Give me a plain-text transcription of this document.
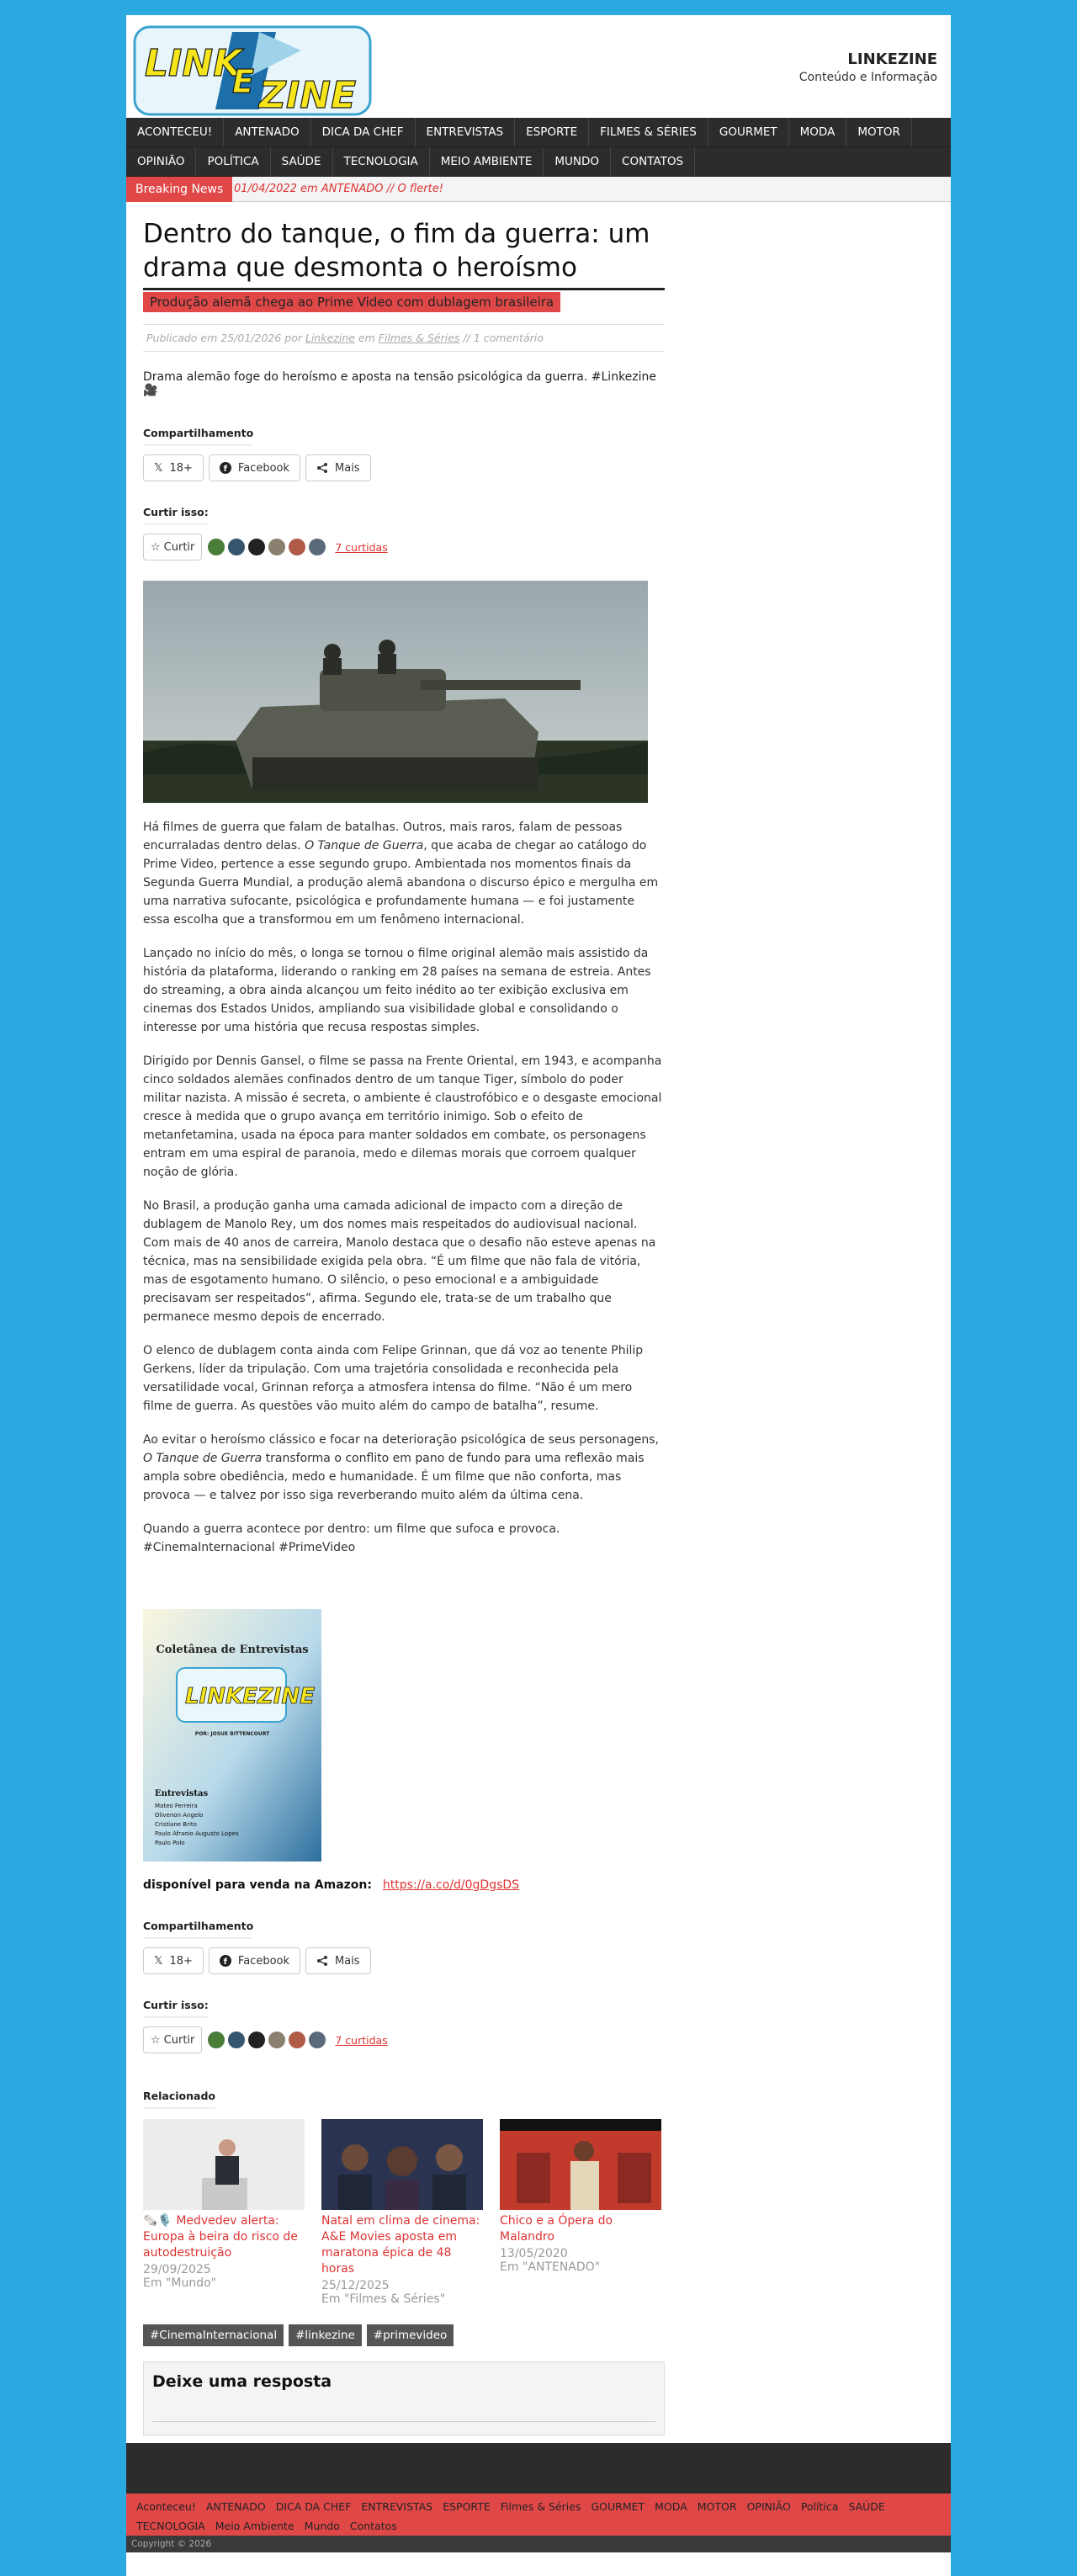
LINK
E ZINE
LINKEZINE
Conteúdo e Informação
ACONTECEU!	ANTENADO	DICA DA CHEF	ENTREVISTAS	ESPORTE	FILMES & SÉRIES	GOURMET	MODA	MOTOR
OPINIÃO	POLÍTICA	SAÚDE	TECNOLOGIA	MEIO AMBIENTE	MUNDO	CONTATOS
Breaking News 01/04/2022 em ANTENADO // O flerte!
Dentro do tanque, o fim da guerra: um drama que desmonta o heroísmo
Produção alemã chega ao Prime Video com dublagem brasileira
Publicado em 25/01/2026 por Linkezine em Filmes & Séries // 1 comentário

Drama alemão foge do heroísmo e aposta na tensão psicológica da guerra. #Linkezine 🎥

Compartilhamento
𝕏 18+	f Facebook	Mais
Curtir isso:
☆ Curtir	7 curtidas

Há filmes de guerra que falam de batalhas. Outros, mais raros, falam de pessoas encurraladas dentro delas. O Tanque de Guerra, que acaba de chegar ao catálogo do Prime Video, pertence a esse segundo grupo. Ambientada nos momentos finais da Segunda Guerra Mundial, a produção alemã abandona o discurso épico e mergulha em uma narrativa sufocante, psicológica e profundamente humana — e foi justamente essa escolha que a transformou em um fenômeno internacional.

Lançado no início do mês, o longa se tornou o filme original alemão mais assistido da história da plataforma, liderando o ranking em 28 países na semana de estreia. Antes do streaming, a obra ainda alcançou um feito inédito ao ter exibição exclusiva em cinemas dos Estados Unidos, ampliando sua visibilidade global e consolidando o interesse por uma história que recusa respostas simples.

Dirigido por Dennis Gansel, o filme se passa na Frente Oriental, em 1943, e acompanha cinco soldados alemães confinados dentro de um tanque Tiger, símbolo do poder militar nazista. A missão é secreta, o ambiente é claustrofóbico e o desgaste emocional cresce à medida que o grupo avança em território inimigo. Sob o efeito de metanfetamina, usada na época para manter soldados em combate, os personagens entram em uma espiral de paranoia, medo e dilemas morais que corroem qualquer noção de glória.

No Brasil, a produção ganha uma camada adicional de impacto com a direção de dublagem de Manolo Rey, um dos nomes mais respeitados do audiovisual nacional. Com mais de 40 anos de carreira, Manolo destaca que o desafio não esteve apenas na técnica, mas na sensibilidade exigida pela obra. “É um filme que não fala de vitória, mas de esgotamento humano. O silêncio, o peso emocional e a ambiguidade precisavam ser respeitados”, afirma. Segundo ele, trata-se de um trabalho que permanece mesmo depois de encerrado.

O elenco de dublagem conta ainda com Felipe Grinnan, que dá voz ao tenente Philip Gerkens, líder da tripulação. Com uma trajetória consolidada e reconhecida pela versatilidade vocal, Grinnan reforça a atmosfera intensa do filme. “Não é um mero filme de guerra. As questões vão muito além do campo de batalha”, resume.

Ao evitar o heroísmo clássico e focar na deterioração psicológica de seus personagens, O Tanque de Guerra transforma o conflito em pano de fundo para uma reflexão mais ampla sobre obediência, medo e humanidade. É um filme que não conforta, mas provoca — e talvez por isso siga reverberando muito além da última cena.

Quando a guerra acontece por dentro: um filme que sufoca e provoca. #CinemaInternacional #PrimeVideo

Coletânea de Entrevistas
LINKEZINE
POR: JOSUE BITTENCOURT
Entrevistas
Mateo Ferreira
Olivenon Angelo
Cristiane Brito
Paulo Afranio Augusto Lopes
Paulo Polo

disponível para venda na Amazon: https://a.co/d/0gDgsDS

Compartilhamento
𝕏 18+	f Facebook	Mais
Curtir isso:
☆ Curtir	7 curtidas
Relacionado
🗞️🎙️ Medvedev alerta: Europa à beira do risco de autodestruição
29/09/2025
Em "Mundo"
Natal em clima de cinema: A&E Movies aposta em maratona épica de 48 horas
25/12/2025
Em "Filmes & Séries"
Chico e a Ópera do Malandro
13/05/2020
Em "ANTENADO"
#CinemaInternacional	#linkezine	#primevideo
Deixe uma resposta
Aconteceu! ANTENADO DICA DA CHEF ENTREVISTAS ESPORTE Filmes & Séries GOURMET MODA MOTOR OPINIÃO Política SAÚDE
TECNOLOGIA Meio Ambiente Mundo Contatos
Copyright © 2026
